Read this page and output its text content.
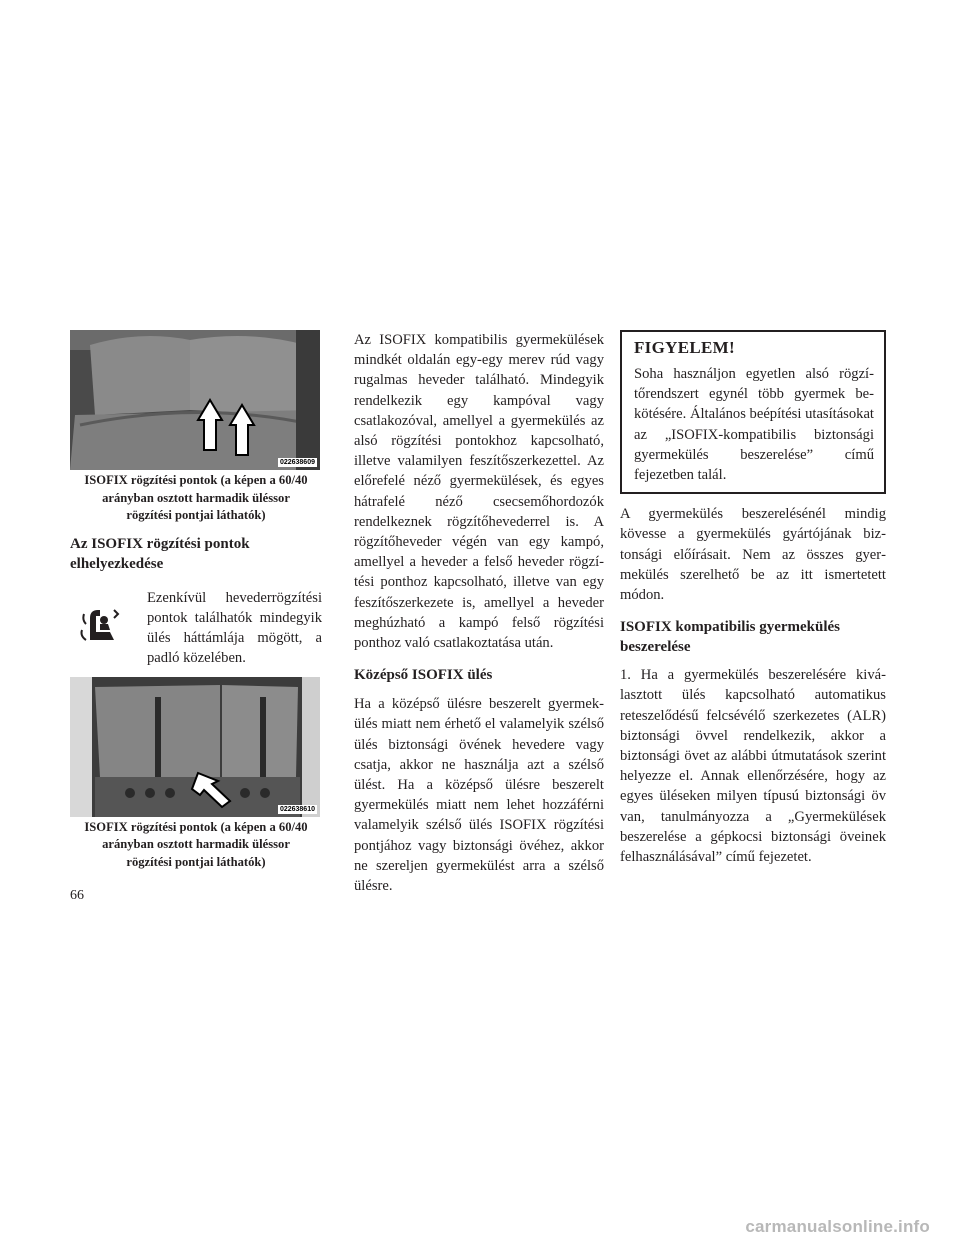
022638609
ISOFIX rögzítési pontok (a képen a 60/40
arányban osztott harmadik üléssor
rögzítési pontjai láthatók)
Az ISOFIX rögzítési pontok
elhelyezkedése

Ezenkívül hevederrögzítési pontok találhatók mindegyik ülés háttámlája mögött, a padló közelében.

022638610
ISOFIX rögzítési pontok (a képen a 60/40
arányban osztott harmadik üléssor
rögzítési pontjai láthatók)

Az ISOFIX kompatibilis gyermekülések mindkét oldalán egy-egy merev rúd vagy rugalmas heveder található. Mindegyik rendelkezik egy kampóval vagy csatlakozóval, amellyel a gyermekülés az alsó rögzítési pontokhoz kapcsolható, illetve valamilyen feszítőszerkezettel. Az előrefelé néző gyermekülések, és egyes hátrafelé néző csecsemőhordozók rendelkeznek rögzítőhevederrel is. A rögzítőheveder végén van egy kampó, amellyel a heveder a felső heveder rögzítési ponthoz kapcsolható, illetve van egy feszítőszerkezete is, amellyel a heveder meghúzható a kampó felső rögzítési ponthoz való csatlakoztatása után.

Középső ISOFIX ülés

Ha a középső ülésre beszerelt gyermekülés miatt nem érhető el valamelyik szélső ülés biztonsági övének hevedere vagy csatja, akkor ne használja azt a szélső ülést. Ha a középső ülésre beszerelt gyermekülés miatt nem lehet hozzáférni valamelyik szélső ülés ISOFIX rögzítési pontjához vagy biztonsági övéhez, akkor ne szereljen gyermekülést arra a szélső ülésre.

FIGYELEM!

Soha használjon egyetlen alsó rögzítőrendszert egynél több gyermek bekötésére. Általános beépítési utasításokat az „ISOFIX-kompatibilis biztonsági gyermekülés beszerelése” című fejezetben talál.

A gyermekülés beszerelésénél mindig kövesse a gyermekülés gyártójának biztonsági előírásait. Nem az összes gyermekülés szerelhető be az itt ismertetett módon.

ISOFIX kompatibilis gyermekülés
beszerelése

1. Ha a gyermekülés beszerelésére kiválasztott ülés kapcsolható automatikus reteszelődésű felcsévélő szerkezetes (ALR) biztonsági övvel rendelkezik, akkor a biztonsági övet az alábbi útmutatások szerint helyezze el. Annak ellenőrzésére, hogy az egyes üléseken milyen típusú biztonsági öv van, tanulmányozza a „Gyermekülések beszerelése a gépkocsi biztonsági öveinek felhasználásával” című fejezetet.

66
carmanualsonline.info
